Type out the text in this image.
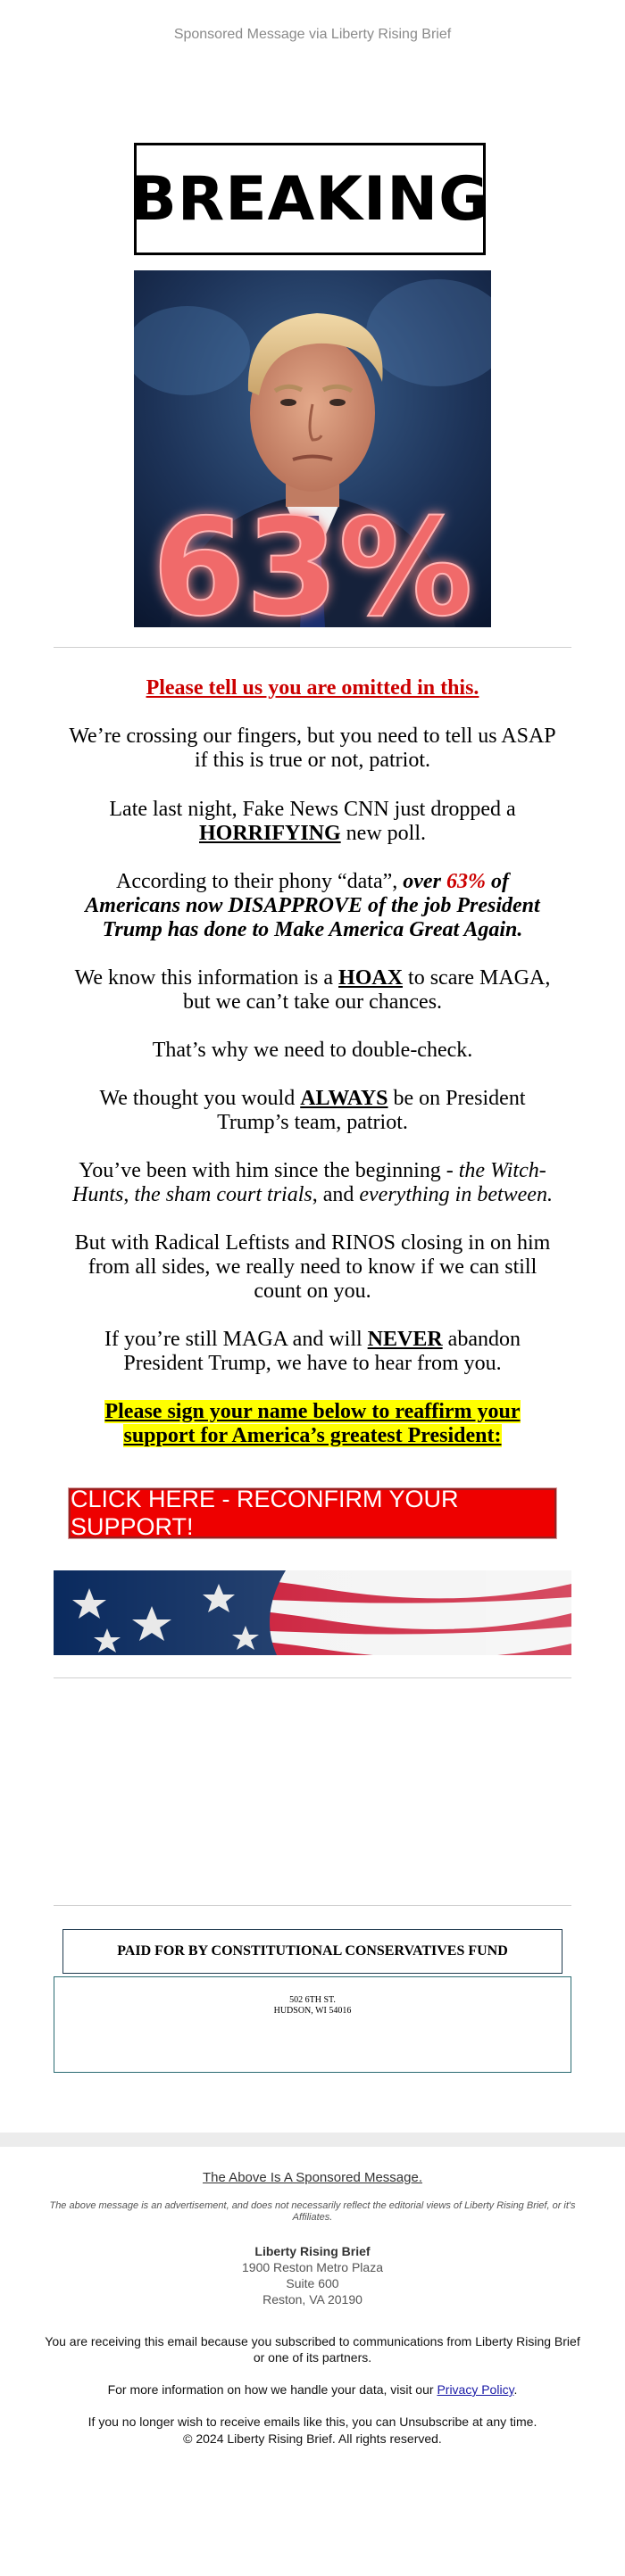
Sponsored Message via Liberty Rising Brief
BREAKING
63%

Please tell us you are omitted in this.

We’re crossing our fingers, but you need to tell us ASAP if this is true or not, patriot.

Late last night, Fake News CNN just dropped a HORRIFYING new poll.

According to their phony “data”, over 63% of Americans now DISAPPROVE of the job President Trump has done to Make America Great Again.

We know this information is a HOAX to scare MAGA, but we can’t take our chances.

That’s why we need to double-check.

We thought you would ALWAYS be on President Trump’s team, patriot.

You’ve been with him since the beginning - the Witch-Hunts, the sham court trials, and everything in between.

But with Radical Leftists and RINOS closing in on him from all sides, we really need to know if we can still count on you.

If you’re still MAGA and will NEVER abandon President Trump, we have to hear from you.

Please sign your name below to reaffirm your support for America’s greatest President:

CLICK HERE - RECONFIRM YOUR SUPPORT!
PAID FOR BY CONSTITUTIONAL CONSERVATIVES FUND
502 6TH ST.
HUDSON, WI 54016
The Above Is A Sponsored Message.
The above message is an advertisement, and does not necessarily reflect the editorial views of Liberty Rising Brief, or it's Affiliates.
Liberty Rising Brief
1900 Reston Metro Plaza
Suite 600
Reston, VA 20190
You are receiving this email because you subscribed to communications from Liberty Rising Brief or one of its partners.
For more information on how we handle your data, visit our Privacy Policy.
If you no longer wish to receive emails like this, you can Unsubscribe at any time.
© 2024 Liberty Rising Brief. All rights reserved.
